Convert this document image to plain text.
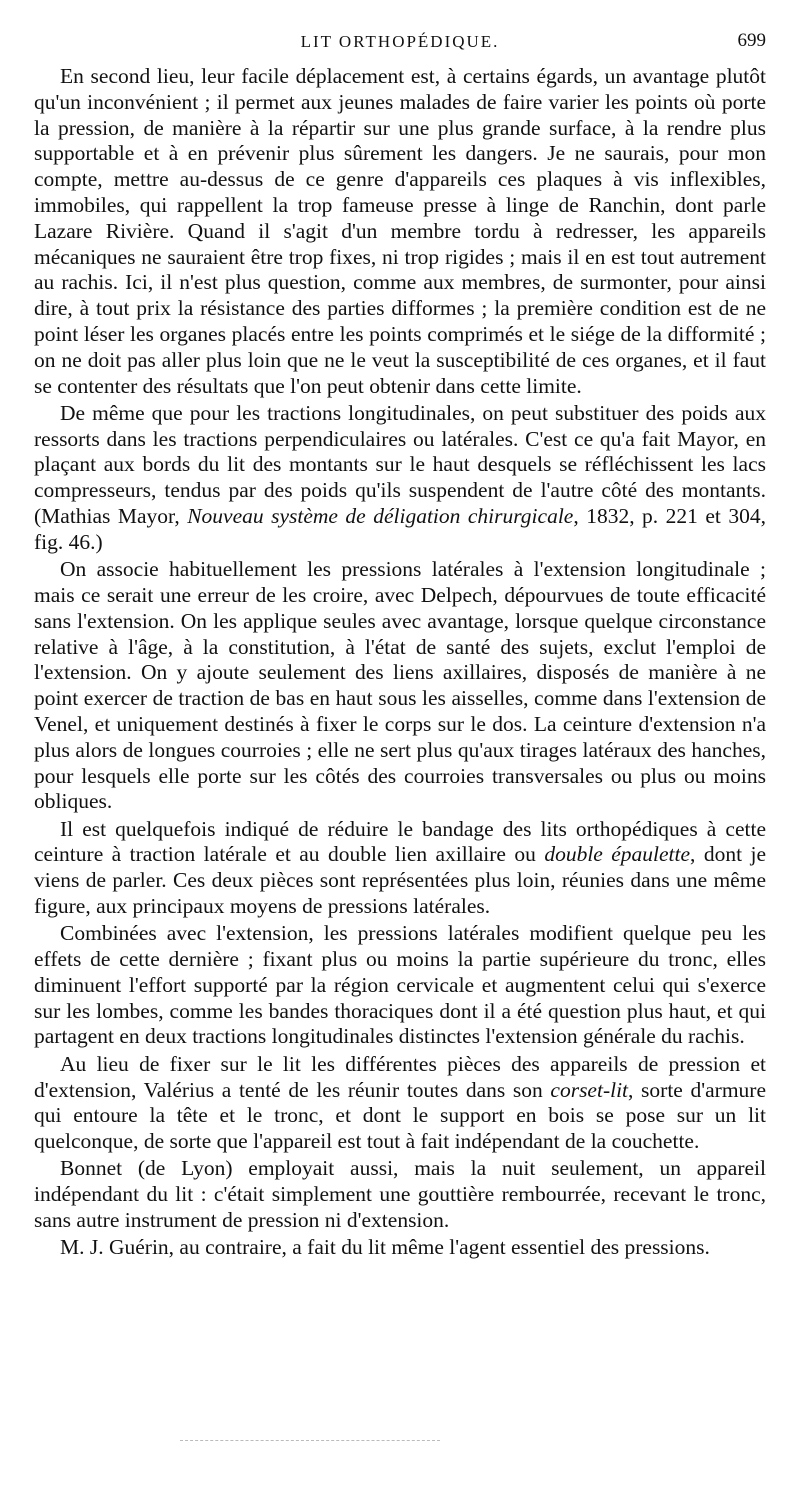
LIT ORTHOPÉDIQUE.	699

En second lieu, leur facile déplacement est, à certains égards, un avantage plutôt qu'un inconvénient ; il permet aux jeunes malades de faire varier les points où porte la pression, de manière à la répartir sur une plus grande surface, à la rendre plus supportable et à en prévenir plus sûrement les dangers. Je ne saurais, pour mon compte, mettre au-dessus de ce genre d'appareils ces plaques à vis inflexibles, immobiles, qui rappellent la trop fameuse presse à linge de Ranchin, dont parle Lazare Rivière. Quand il s'agit d'un membre tordu à redresser, les appareils mécaniques ne sauraient être trop fixes, ni trop rigides ; mais il en est tout autrement au rachis. Ici, il n'est plus question, comme aux membres, de surmonter, pour ainsi dire, à tout prix la résistance des parties difformes ; la première condition est de ne point léser les organes placés entre les points comprimés et le siége de la difformité ; on ne doit pas aller plus loin que ne le veut la susceptibilité de ces organes, et il faut se contenter des résultats que l'on peut obtenir dans cette limite.

De même que pour les tractions longitudinales, on peut substituer des poids aux ressorts dans les tractions perpendiculaires ou latérales. C'est ce qu'a fait Mayor, en plaçant aux bords du lit des montants sur le haut desquels se réfléchissent les lacs compresseurs, tendus par des poids qu'ils suspendent de l'autre côté des montants. (Mathias Mayor, Nouveau système de déligation chirurgicale, 1832, p. 221 et 304, fig. 46.)

On associe habituellement les pressions latérales à l'extension longitudinale ; mais ce serait une erreur de les croire, avec Delpech, dépourvues de toute efficacité sans l'extension. On les applique seules avec avantage, lorsque quelque circonstance relative à l'âge, à la constitution, à l'état de santé des sujets, exclut l'emploi de l'extension. On y ajoute seulement des liens axillaires, disposés de manière à ne point exercer de traction de bas en haut sous les aisselles, comme dans l'extension de Venel, et uniquement destinés à fixer le corps sur le dos. La ceinture d'extension n'a plus alors de longues courroies ; elle ne sert plus qu'aux tirages latéraux des hanches, pour lesquels elle porte sur les côtés des courroies transversales ou plus ou moins obliques.

Il est quelquefois indiqué de réduire le bandage des lits orthopédiques à cette ceinture à traction latérale et au double lien axillaire ou double épaulette, dont je viens de parler. Ces deux pièces sont représentées plus loin, réunies dans une même figure, aux principaux moyens de pressions latérales.

Combinées avec l'extension, les pressions latérales modifient quelque peu les effets de cette dernière ; fixant plus ou moins la partie supérieure du tronc, elles diminuent l'effort supporté par la région cervicale et augmentent celui qui s'exerce sur les lombes, comme les bandes thoraciques dont il a été question plus haut, et qui partagent en deux tractions longitudinales distinctes l'extension générale du rachis.

Au lieu de fixer sur le lit les différentes pièces des appareils de pression et d'extension, Valérius a tenté de les réunir toutes dans son corset-lit, sorte d'armure qui entoure la tête et le tronc, et dont le support en bois se pose sur un lit quelconque, de sorte que l'appareil est tout à fait indépendant de la couchette.

Bonnet (de Lyon) employait aussi, mais la nuit seulement, un appareil indépendant du lit : c'était simplement une gouttière rembourrée, recevant le tronc, sans autre instrument de pression ni d'extension.

M. J. Guérin, au contraire, a fait du lit même l'agent essentiel des pressions.
